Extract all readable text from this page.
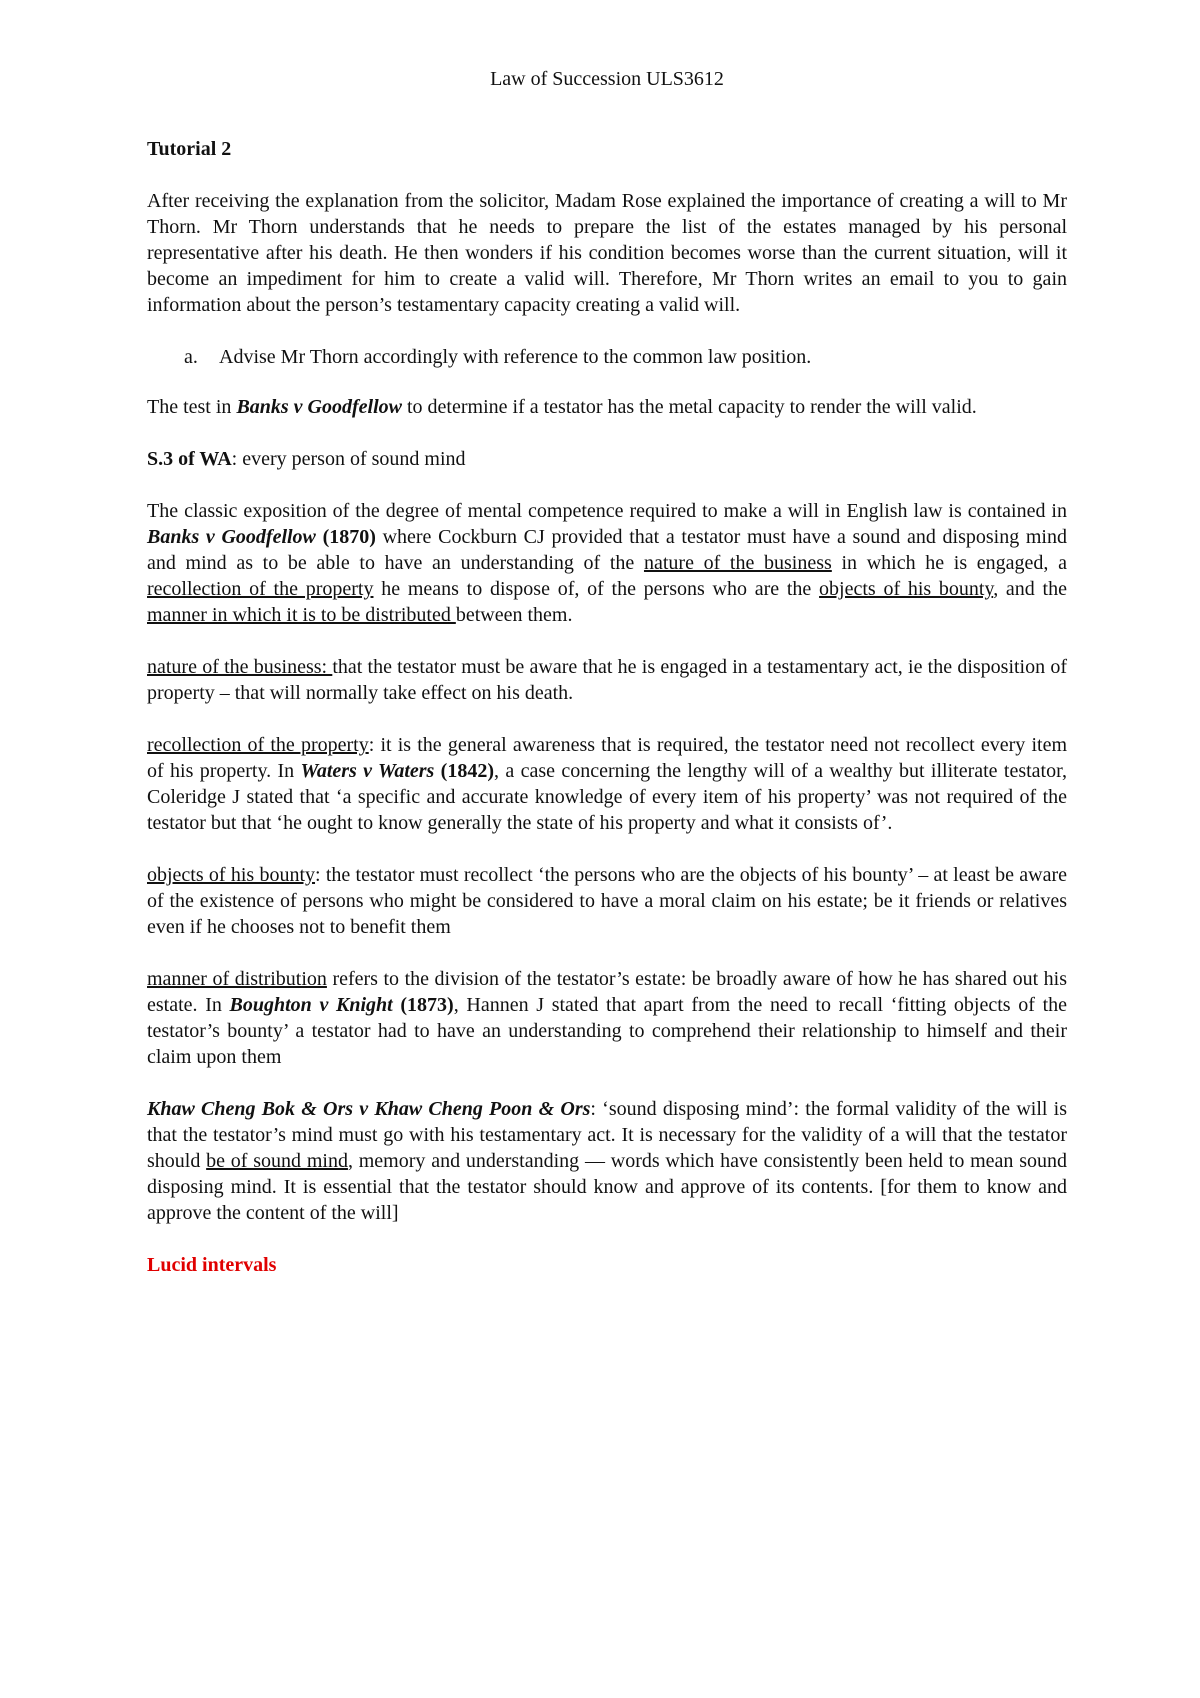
Law of Succession ULS3612
Tutorial 2

After receiving the explanation from the solicitor, Madam Rose explained the importance of creating a will to Mr Thorn. Mr Thorn understands that he needs to prepare the list of the estates managed by his personal representative after his death. He then wonders if his condition becomes worse than the current situation, will it become an impediment for him to create a valid will. Therefore, Mr Thorn writes an email to you to gain information about the person’s testamentary capacity creating a valid will.

a. Advise Mr Thorn accordingly with reference to the common law position.

The test in Banks v Goodfellow to determine if a testator has the metal capacity to render the will valid.

S.3 of WA: every person of sound mind

The classic exposition of the degree of mental competence required to make a will in English law is contained in Banks v Goodfellow (1870) where Cockburn CJ provided that a testator must have a sound and disposing mind and mind as to be able to have an understanding of the nature of the business in which he is engaged, a recollection of the property he means to dispose of, of the persons who are the objects of his bounty, and the manner in which it is to be distributed between them.

nature of the business: that the testator must be aware that he is engaged in a testamentary act, ie the disposition of property – that will normally take effect on his death.

recollection of the property: it is the general awareness that is required, the testator need not recollect every item of his property. In Waters v Waters (1842), a case concerning the lengthy will of a wealthy but illiterate testator, Coleridge J stated that ‘a specific and accurate knowledge of every item of his property’ was not required of the testator but that ‘he ought to know generally the state of his property and what it consists of’.

objects of his bounty: the testator must recollect ‘the persons who are the objects of his bounty’ – at least be aware of the existence of persons who might be considered to have a moral claim on his estate; be it friends or relatives even if he chooses not to benefit them

manner of distribution refers to the division of the testator’s estate: be broadly aware of how he has shared out his estate. In Boughton v Knight (1873), Hannen J stated that apart from the need to recall ‘fitting objects of the testator’s bounty’ a testator had to have an understanding to comprehend their relationship to himself and their claim upon them

Khaw Cheng Bok & Ors v Khaw Cheng Poon & Ors: ‘sound disposing mind’: the formal validity of the will is that the testator’s mind must go with his testamentary act. It is necessary for the validity of a will that the testator should be of sound mind, memory and understanding — words which have consistently been held to mean sound disposing mind. It is essential that the testator should know and approve of its contents. [for them to know and approve the content of the will]

Lucid intervals
